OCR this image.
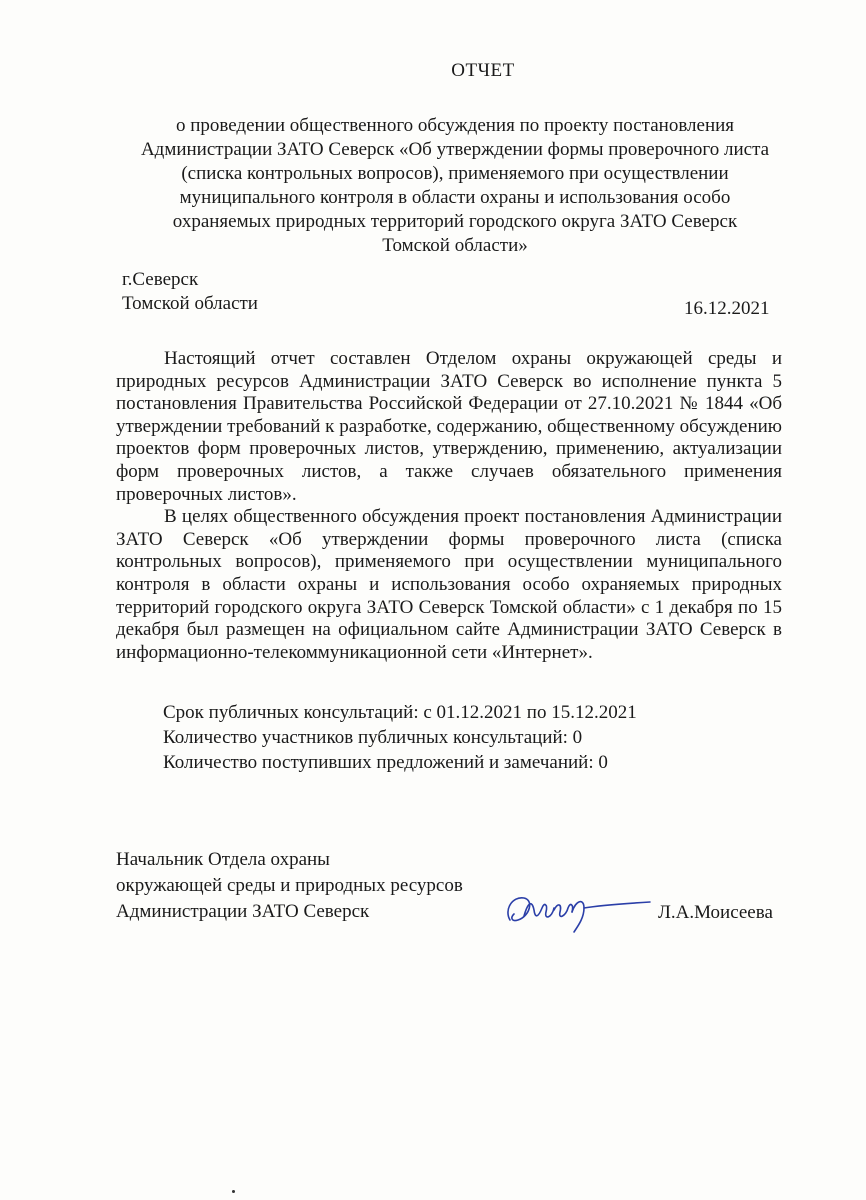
ОТЧЕТ
о проведении общественного обсуждения по проекту постановления
Администрации ЗАТО Северск «Об утверждении формы проверочного листа
(списка контрольных вопросов), применяемого при осуществлении
муниципального контроля в области охраны и использования особо
охраняемых природных территорий городского округа ЗАТО Северск
Томской области»
г.Северск
Томской области	16.12.2021

Настоящий отчет составлен Отделом охраны окружающей среды и природных ресурсов Администрации ЗАТО Северск во исполнение пункта 5 постановления Правительства Российской Федерации от 27.10.2021 № 1844 «Об утверждении требований к разработке, содержанию, общественному обсуждению проектов форм проверочных листов, утверждению, применению, актуализации форм проверочных листов, а также случаев обязательного применения проверочных листов».

В целях общественного обсуждения проект постановления Администрации ЗАТО Северск «Об утверждении формы проверочного листа (списка контрольных вопросов), применяемого при осуществлении муниципального контроля в области охраны и использования особо охраняемых природных территорий городского округа ЗАТО Северск Томской области» с 1 декабря по 15 декабря был размещен на официальном сайте Администрации ЗАТО Северск в информационно-телекоммуникационной сети «Интернет».

Срок публичных консультаций: с 01.12.2021 по 15.12.2021
Количество участников публичных консультаций: 0
Количество поступивших предложений и замечаний: 0
Начальник Отдела охраны
окружающей среды и природных ресурсов
Администрации ЗАТО Северск	Л.А.Моисеева
